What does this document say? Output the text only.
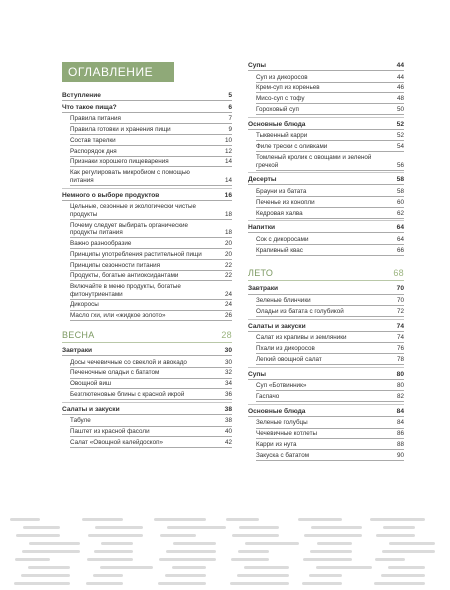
ОГЛАВЛЕНИЕ
Вступление	5
Что такое пища?	6
Правила питания	7
Правила готовки и хранения пищи	9
Состав тарелки	10
Распорядок дня	12
Признаки хорошего пищеварения	14
Как регулировать микробиом с помощью питания	14
Немного о выборе продуктов	16
Цельные, сезонные и экологически чистые продукты	18
Почему следует выбирать органические продукты питания	18
Важно разнообразие	20
Принципы употребления растительной пищи	20
Принципы сезонности питания	22
Продукты, богатые антиоксидантами	22
Включайте в меню продукты, богатые фитонутриентами	24
Дикоросы	24
Масло гхи, или «жидкое золото»	26
ВЕСНА	28
Завтраки	30
Досы чечевичные со свеклой и авокадо	30
Печеночные оладьи с бататом	32
Овощной виш	34
Безглютеновые блины с красной икрой	36
Салаты и закуски	38
Табуле	38
Паштет из красной фасоли	40
Салат «Овощной калейдоскоп»	42
Супы	44
Суп из дикоросов	44
Крем-суп из кореньев	46
Мисо-суп с тофу	48
Гороховый суп	50
Основные блюда	52
Тыквенный карри	52
Филе трески с оливками	54
Томленый кролик с овощами и зеленой гречкой	56
Десерты	58
Брауни из батата	58
Печенье из конопли	60
Кедровая халва	62
Напитки	64
Сок с дикоросами	64
Крапивный квас	66
ЛЕТО	68
Завтраки	70
Зеленые блинчики	70
Оладьи из батата с голубикой	72
Салаты и закуски	74
Салат из крапивы и земляники	74
Пхали из дикоросов	76
Легкий овощной салат	78
Супы	80
Суп «Ботвинник»	80
Гаспачо	82
Основные блюда	84
Зеленые голубцы	84
Чечевичные котлеты	86
Карри из нута	88
Закуска с бататом	90
